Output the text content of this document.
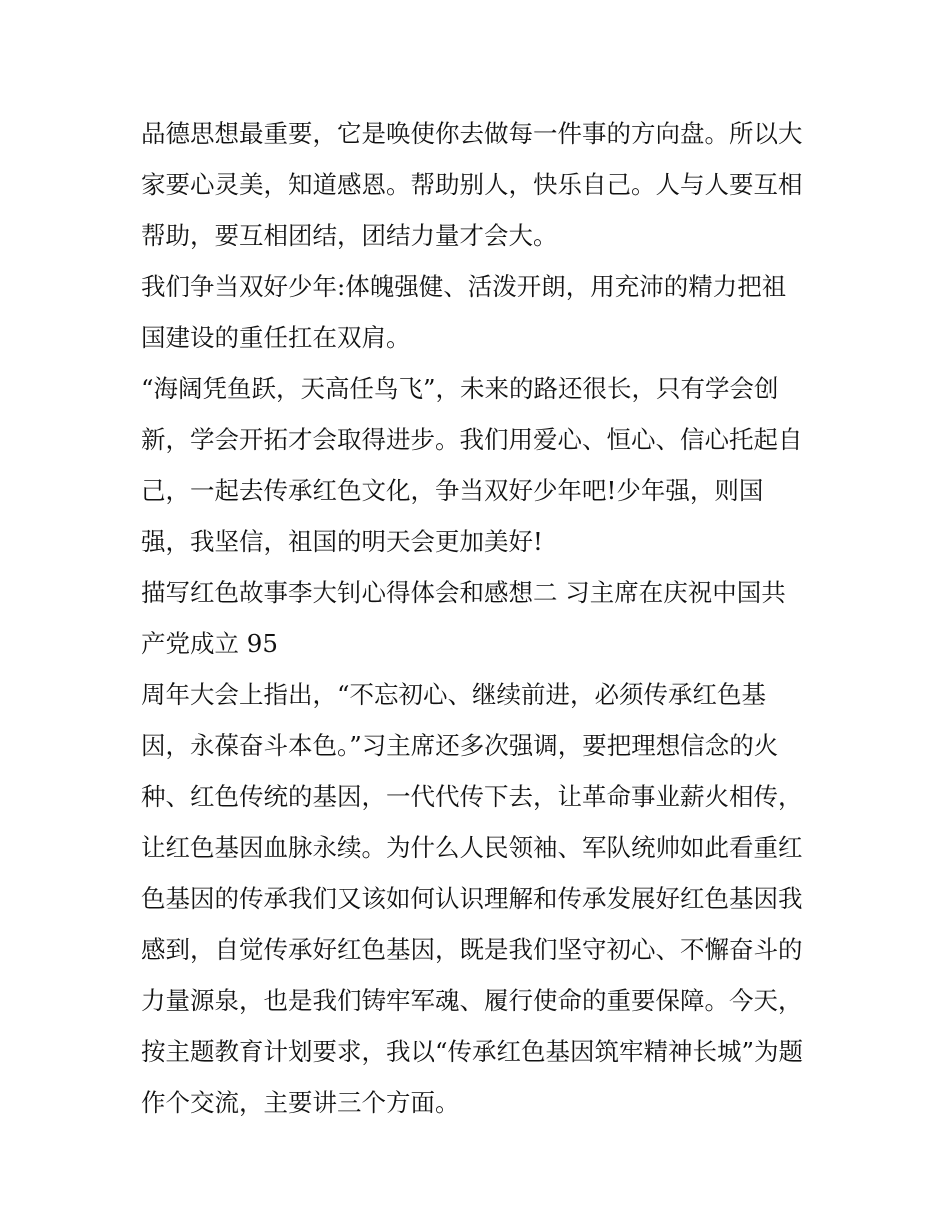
品德思想最重要，它是唤使你去做每一件事的方向盘。所以大
家要心灵美，知道感恩。帮助别人，快乐自己。人与人要互相
帮助，要互相团结，团结力量才会大。
我们争当双好少年:体魄强健、活泼开朗，用充沛的精力把祖
国建设的重任扛在双肩。
“海阔凭鱼跃，天高任鸟飞”，未来的路还很长，只有学会创
新，学会开拓才会取得进步。我们用爱心、恒心、信心托起自
己，一起去传承红色文化，争当双好少年吧!少年强，则国
强，我坚信，祖国的明天会更加美好!
描写红色故事李大钊心得体会和感想二 习主席在庆祝中国共
产党成立 95
周年大会上指出，“不忘初心、继续前进，必须传承红色基
因，永葆奋斗本色。”习主席还多次强调，要把理想信念的火
种、红色传统的基因，一代代传下去，让革命事业薪火相传，
让红色基因血脉永续。为什么人民领袖、军队统帅如此看重红
色基因的传承我们又该如何认识理解和传承发展好红色基因我
感到，自觉传承好红色基因，既是我们坚守初心、不懈奋斗的
力量源泉，也是我们铸牢军魂、履行使命的重要保障。今天，
按主题教育计划要求，我以“传承红色基因筑牢精神长城”为题
作个交流，主要讲三个方面。
